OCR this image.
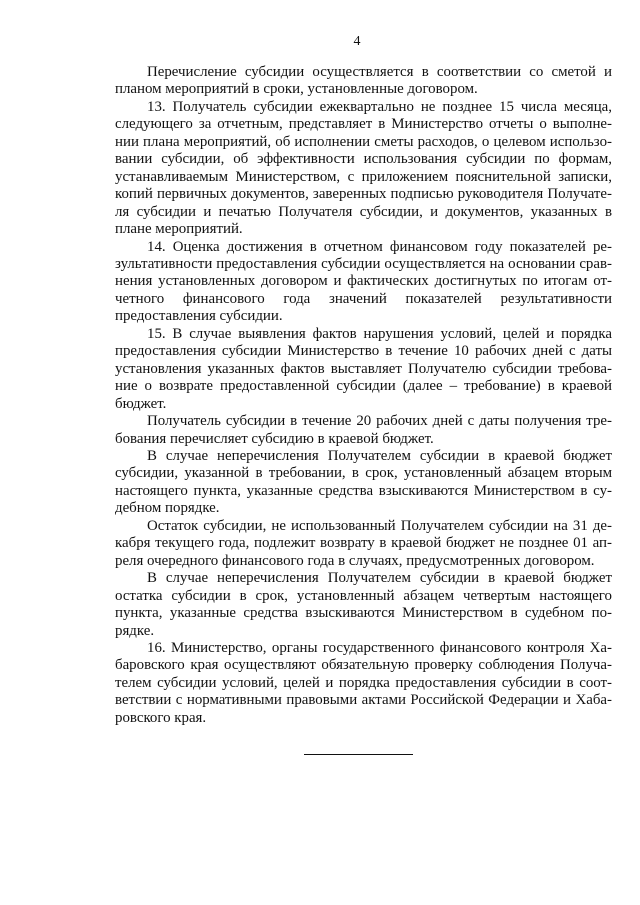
4

Перечисление субсидии осуществляется в соответствии со сметой и планом мероприятий в сроки, установленные договором.

13. Получатель субсидии ежеквартально не позднее 15 числа месяца, следующего за отчетным, представляет в Министерство отчеты о выполнении плана мероприятий, об исполнении сметы расходов, о целевом использовании субсидии, об эффективности использования субсидии по формам, устанавливаемым Министерством, с приложением пояснительной записки, копий первичных документов, заверенных подписью руководителя Получателя субсидии и печатью Получателя субсидии, и документов, указанных в плане мероприятий.

14. Оценка достижения в отчетном финансовом году показателей результативности предоставления субсидии осуществляется на основании сравнения установленных договором и фактических достигнутых по итогам отчетного финансового года значений показателей результативности предоставления субсидии.

15. В случае выявления фактов нарушения условий, целей и порядка предоставления субсидии Министерство в течение 10 рабочих дней с даты установления указанных фактов выставляет Получателю субсидии требование о возврате предоставленной субсидии (далее – требование) в краевой бюджет.

Получатель субсидии в течение 20 рабочих дней с даты получения требования перечисляет субсидию в краевой бюджет.

В случае неперечисления Получателем субсидии в краевой бюджет субсидии, указанной в требовании, в срок, установленный абзацем вторым настоящего пункта, указанные средства взыскиваются Министерством в судебном порядке.

Остаток субсидии, не использованный Получателем субсидии на 31 декабря текущего года, подлежит возврату в краевой бюджет не позднее 01 апреля очередного финансового года в случаях, предусмотренных договором.

В случае неперечисления Получателем субсидии в краевой бюджет остатка субсидии в срок, установленный абзацем четвертым настоящего пункта, указанные средства взыскиваются Министерством в судебном порядке.

16. Министерство, органы государственного финансового контроля Хабаровского края осуществляют обязательную проверку соблюдения Получателем субсидии условий, целей и порядка предоставления субсидии в соответствии с нормативными правовыми актами Российской Федерации и Хабаровского края.
